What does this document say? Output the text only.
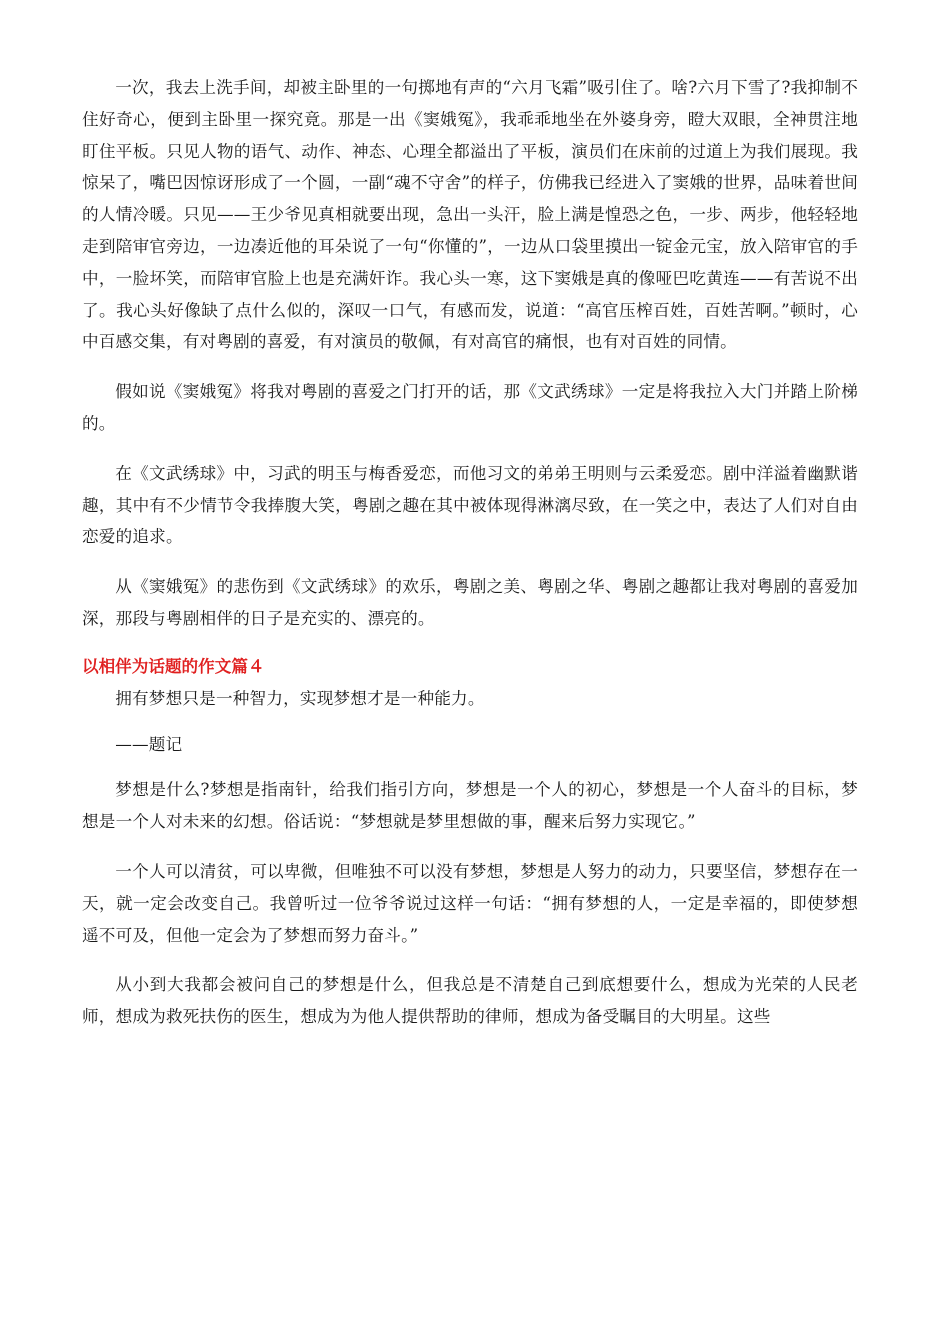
一次，我去上洗手间，却被主卧里的一句掷地有声的“六月飞霜”吸引住了。啥?六月下雪了?我抑制不住好奇心，便到主卧里一探究竟。那是一出《窦娥冤》，我乖乖地坐在外婆身旁，瞪大双眼，全神贯注地盯住平板。只见人物的语气、动作、神态、心理全都溢出了平板，演员们在床前的过道上为我们展现。我惊呆了，嘴巴因惊讶形成了一个圆，一副“魂不守舍”的样子，仿佛我已经进入了窦娥的世界，品味着世间的人情冷暖。只见——王少爷见真相就要出现，急出一头汗，脸上满是惶恐之色，一步、两步，他轻轻地走到陪审官旁边，一边凑近他的耳朵说了一句“你懂的”，一边从口袋里摸出一锭金元宝，放入陪审官的手中，一脸坏笑，而陪审官脸上也是充满奸诈。我心头一寒，这下窦娥是真的像哑巴吃黄连——有苦说不出了。我心头好像缺了点什么似的，深叹一口气，有感而发，说道：“高官压榨百姓，百姓苦啊。”顿时，心中百感交集，有对粤剧的喜爱，有对演员的敬佩，有对高官的痛恨，也有对百姓的同情。

假如说《窦娥冤》将我对粤剧的喜爱之门打开的话，那《文武绣球》一定是将我拉入大门并踏上阶梯的。

在《文武绣球》中，习武的明玉与梅香爱恋，而他习文的弟弟王明则与云柔爱恋。剧中洋溢着幽默谐趣，其中有不少情节令我捧腹大笑，粤剧之趣在其中被体现得淋漓尽致，在一笑之中，表达了人们对自由恋爱的追求。

从《窦娥冤》的悲伤到《文武绣球》的欢乐，粤剧之美、粤剧之华、粤剧之趣都让我对粤剧的喜爱加深，那段与粤剧相伴的日子是充实的、漂亮的。

以相伴为话题的作文篇４

拥有梦想只是一种智力，实现梦想才是一种能力。

——题记

梦想是什么?梦想是指南针，给我们指引方向，梦想是一个人的初心，梦想是一个人奋斗的目标，梦想是一个人对未来的幻想。俗话说：“梦想就是梦里想做的事，醒来后努力实现它。”

一个人可以清贫，可以卑微，但唯独不可以没有梦想，梦想是人努力的动力，只要坚信，梦想存在一天，就一定会改变自己。我曾听过一位爷爷说过这样一句话：“拥有梦想的人，一定是幸福的，即使梦想遥不可及，但他一定会为了梦想而努力奋斗。”

从小到大我都会被问自己的梦想是什么，但我总是不清楚自己到底想要什么，想成为光荣的人民老师，想成为救死扶伤的医生，想成为为他人提供帮助的律师，想成为备受瞩目的大明星。这些
